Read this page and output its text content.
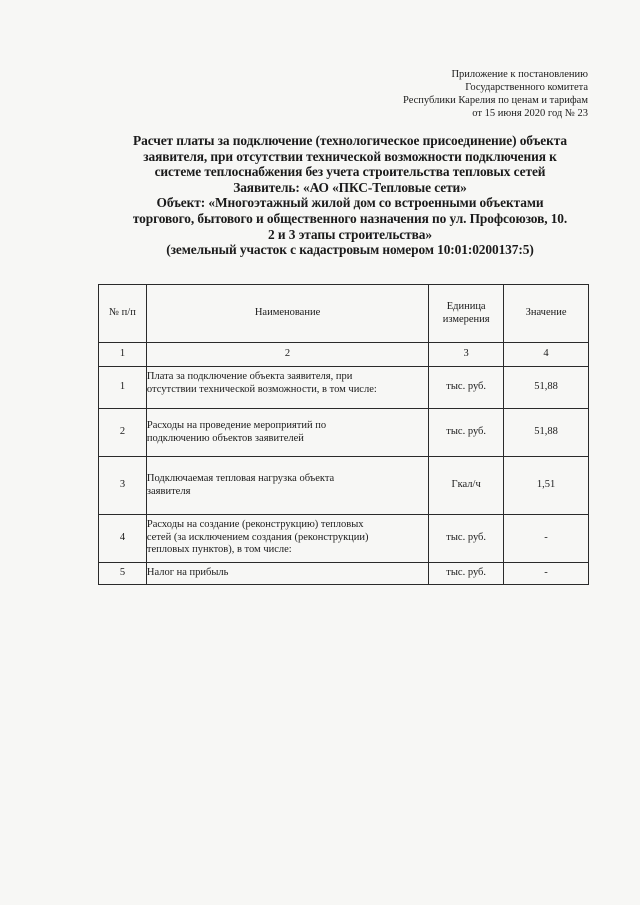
Приложение к постановлению
Государственного комитета
Республики Карелия по ценам и тарифам
от 15 июня 2020 год № 23
Расчет платы за подключение (технологическое присоединение) объекта
заявителя, при отсутствии технической возможности подключения к
системе теплоснабжения без учета строительства тепловых сетей
Заявитель: «АО «ПКС-Тепловые сети»
Объект: «Многоэтажный жилой дом со встроенными объектами
торгового, бытового и общественного назначения по ул. Профсоюзов, 10.
2 и 3 этапы строительства»
(земельный участок с кадастровым номером 10:01:0200137:5)
№ п/п	Наименование	Единица
измерения	Значение
1	2	3	4
1	Плата за подключение объекта заявителя, при
отсутствии технической возможности, в том числе:	тыс. руб.	51,88
2	Расходы на проведение мероприятий по
подключению объектов заявителей	тыс. руб.	51,88
3	Подключаемая тепловая нагрузка объекта
заявителя	Гкал/ч	1,51
4	Расходы на создание (реконструкцию) тепловых
сетей (за исключением создания (реконструкции)
тепловых пунктов), в том числе:	тыс. руб.	-
5	Налог на прибыль	тыс. руб.	-
